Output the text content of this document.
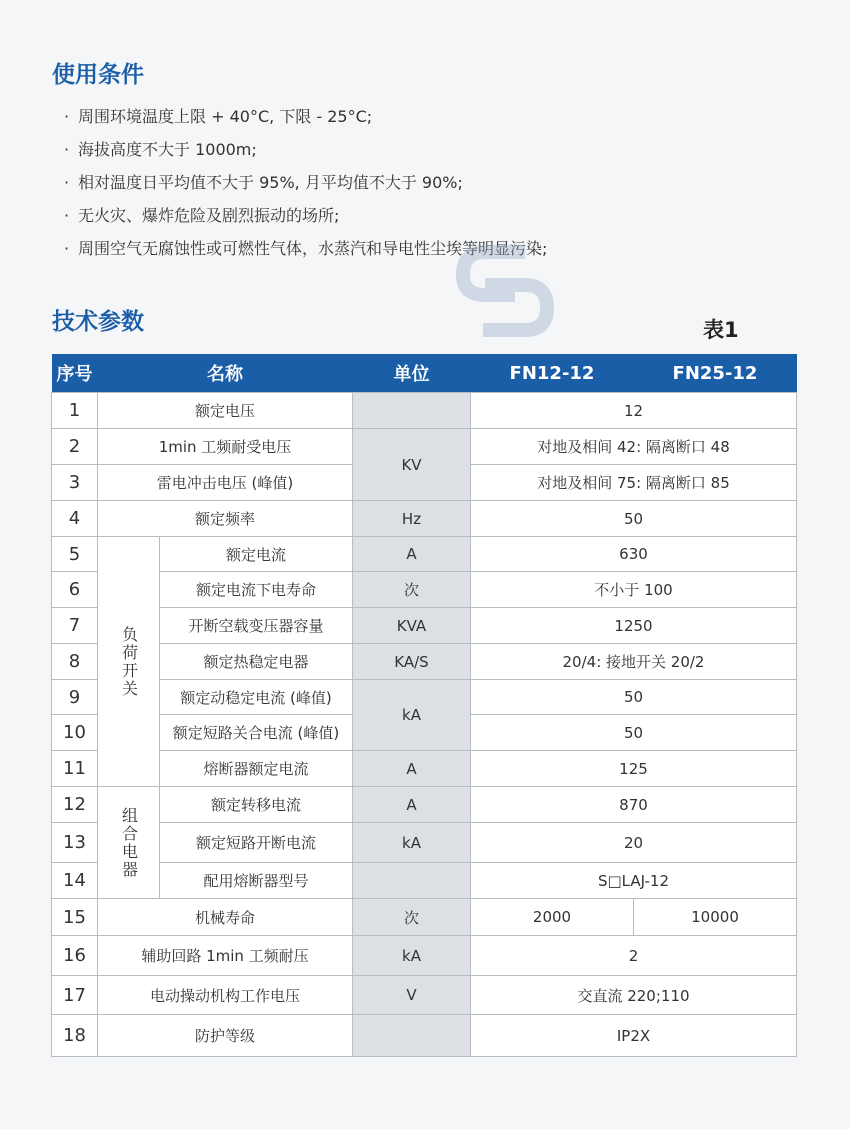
使用条件
· 周围环境温度上限 + 40°C, 下限 - 25°C;
· 海拔高度不大于 1000m;
· 相对温度日平均值不大于 95%, 月平均值不大于 90%;
· 无火灾、爆炸危险及剧烈振动的场所;
· 周围空气无腐蚀性或可燃性气体，水蒸汽和导电性尘埃等明显污染;
技术参数	表1
序号	名称		单位	FN12-12	FN25-12
1	额定电压			12	
2	1min 工频耐受电压		KV	对地及相间 42: 隔离断口 48	
3	雷电冲击电压 (峰值)			对地及相间 75: 隔离断口 85	
4	额定频率		Hz	50	
5	负荷开关	额定电流	A	630	
6		额定电流下电寿命	次	不小于 100	
7		开断空载变压器容量	KVA	1250	
8		额定热稳定电器	KA/S	20/4: 接地开关 20/2	
9		额定动稳定电流 (峰值)	kA	50	
10		额定短路关合电流 (峰值)		50	
11		熔断器额定电流	A	125	
12	组合电器	额定转移电流	A	870	
13		额定短路开断电流	kA	20	
14		配用熔断器型号		S□LAJ-12	
15	机械寿命		次	2000	10000
16	辅助回路 1min 工频耐压		kA	2	
17	电动操动机构工作电压		V	交直流 220;110	
18	防护等级			IP2X	
